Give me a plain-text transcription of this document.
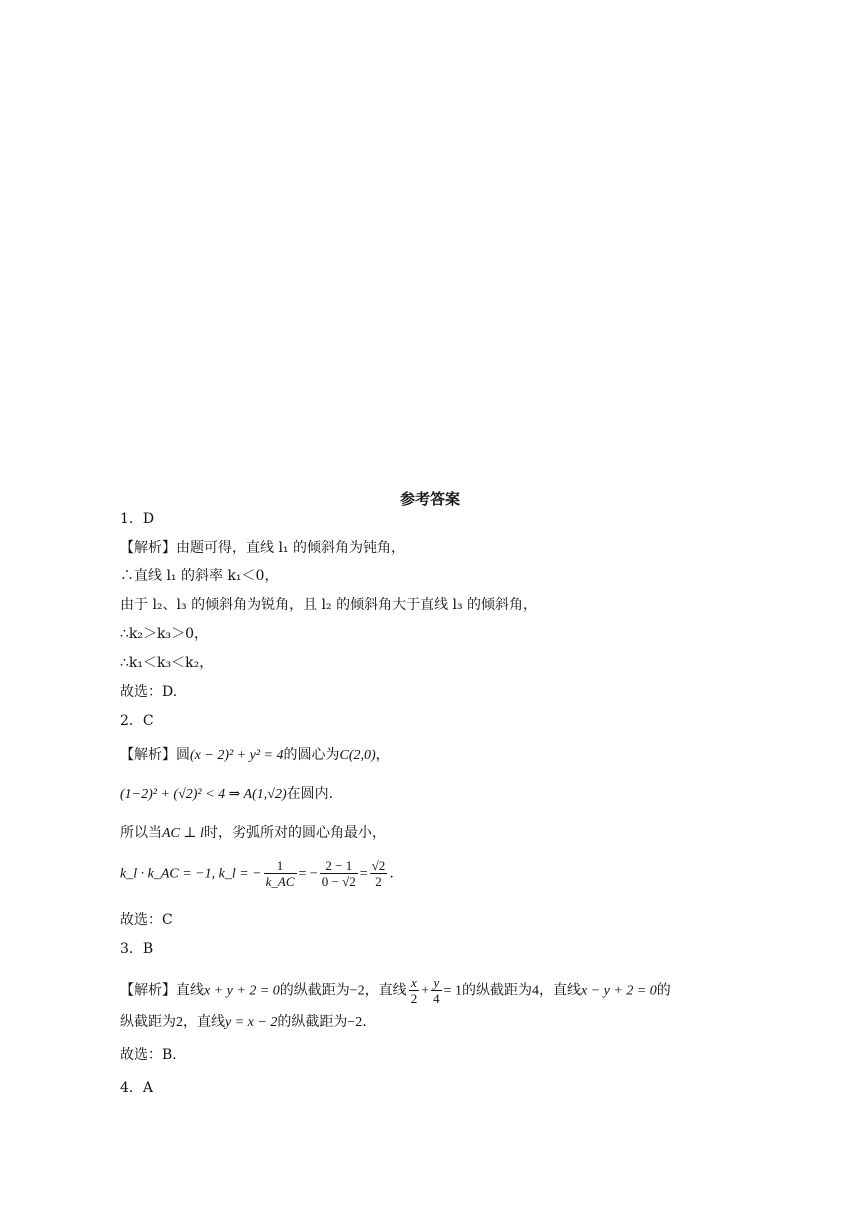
参考答案
1．D
【解析】由题可得，直线 l₁ 的倾斜角为钝角，
∴直线 l₁ 的斜率 k₁＜0，
由于 l₂、l₃ 的倾斜角为锐角，且 l₂ 的倾斜角大于直线 l₃ 的倾斜角，
∴k₂＞k₃＞0，
∴k₁＜k₃＜k₂，
故选：D.
2．C
【解析】圆(x − 2)² + y² = 4的圆心为C(2,0)，
(1−2)² + (√2)² < 4 ⇒ A(1,√2)在圆内.
所以当AC ⊥ l时，劣弧所对的圆心角最小，
k_l · k_AC = −1, k_l = − $\frac{1}{k\_AC}$ = − $\frac{2 - 1}{0 - √2} = \frac{√2}{2}$ .
故选：C
3．B
【解析】直线x + y + 2 = 0的纵截距为−2，直线 $\frac{x}{2} + \frac{y}{4} = 1$的纵截距为4，直线x − y + 2 = 0的
纵截距为2，直线y = x − 2的纵截距为−2.
故选：B.
4．A
